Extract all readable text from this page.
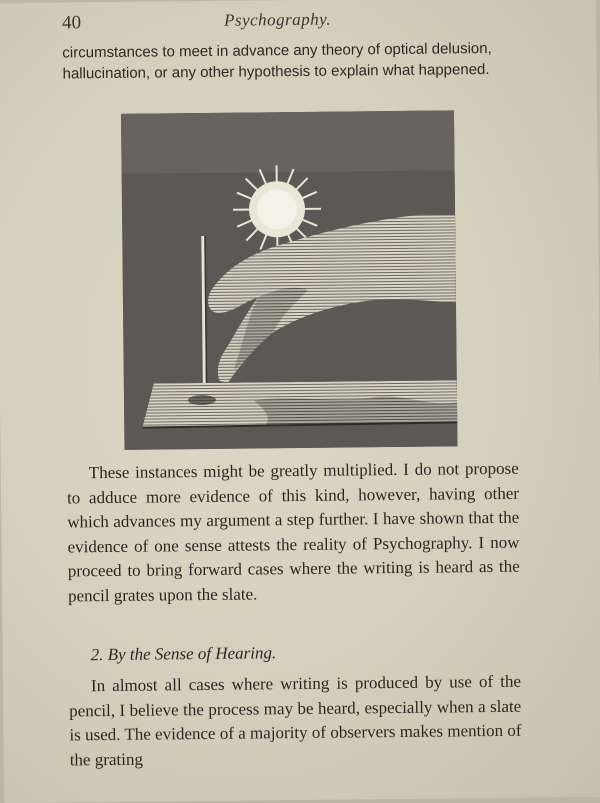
40	Psychography.
circumstances to meet in advance any theory of optical delusion, hallucination, or any other hypothesis to explain what happened.
These instances might be greatly multiplied. I do not propose to adduce more evidence of this kind, however, having other which advances my argument a step further. I have shown that the evidence of one sense attests the reality of Psychography. I now proceed to bring forward cases where the writing is heard as the pencil grates upon the slate.
2. By the Sense of Hearing.
In almost all cases where writing is produced by use of the pencil, I believe the process may be heard, especially when a slate is used. The evidence of a majority of observers makes mention of the grating
